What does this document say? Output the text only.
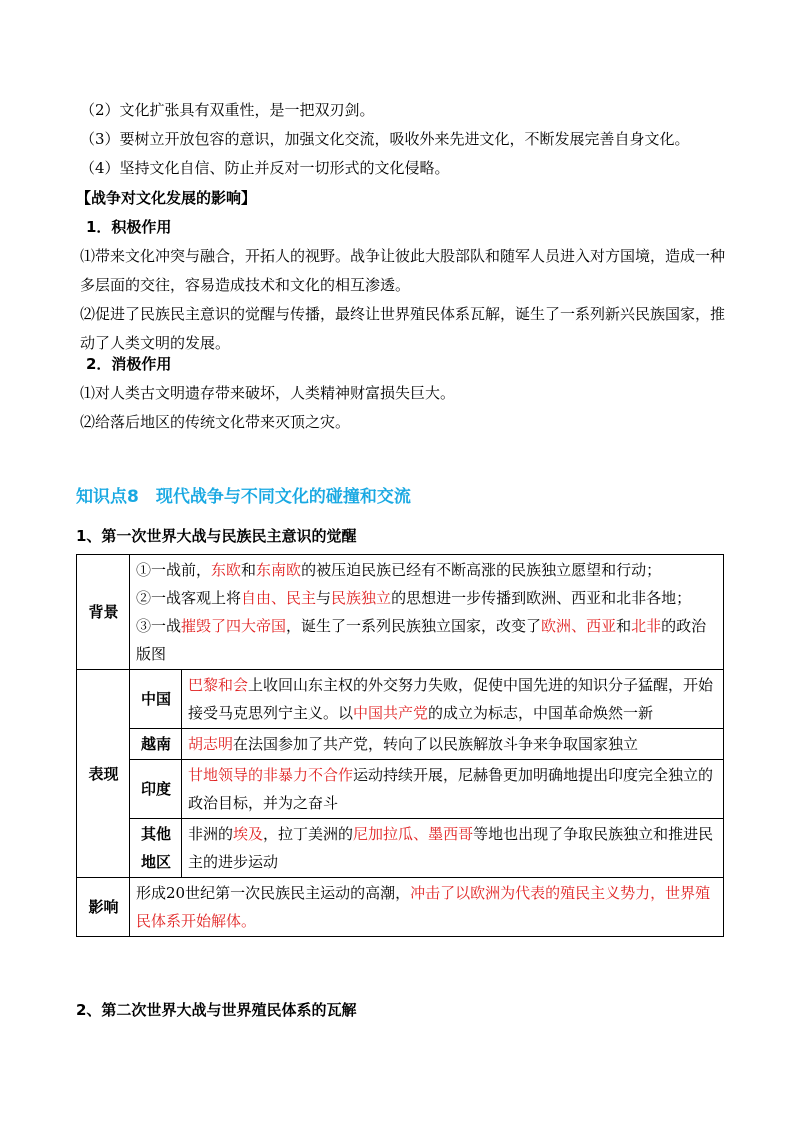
（2）文化扩张具有双重性，是一把双刃剑。
（3）要树立开放包容的意识，加强文化交流，吸收外来先进文化，不断发展完善自身文化。
（4）坚持文化自信、防止并反对一切形式的文化侵略。
【战争对文化发展的影响】
1．积极作用
⑴带来文化冲突与融合，开拓人的视野。战争让彼此大股部队和随军人员进入对方国境，造成一种多层面的交往，容易造成技术和文化的相互渗透。
⑵促进了民族民主意识的觉醒与传播，最终让世界殖民体系瓦解，诞生了一系列新兴民族国家，推动了人类文明的发展。
2．消极作用
⑴对人类古文明遗存带来破坏，人类精神财富损失巨大。
⑵给落后地区的传统文化带来灭顶之灾。
知识点8　现代战争与不同文化的碰撞和交流
1、第一次世界大战与民族民主意识的觉醒
背景	①一战前，东欧和东南欧的被压迫民族已经有不断高涨的民族独立愿望和行动；
②一战客观上将自由、民主与民族独立的思想进一步传播到欧洲、西亚和北非各地；
③一战摧毁了四大帝国，诞生了一系列民族独立国家，改变了欧洲、西亚和北非的政治版图	

表现	中国	巴黎和会上收回山东主权的外交努力失败，促使中国先进的知识分子猛醒，开始接受马克思列宁主义。以中国共产党的成立为标志，中国革命焕然一新
	越南	胡志明在法国参加了共产党，转向了以民族解放斗争来争取国家独立
	印度	甘地领导的非暴力不合作运动持续开展，尼赫鲁更加明确地提出印度完全独立的政治目标，并为之奋斗
	其他地区	非洲的埃及，拉丁美洲的尼加拉瓜、墨西哥等地也出现了争取民族独立和推进民主的进步运动
影响	形成20世纪第一次民族民主运动的高潮，冲击了以欧洲为代表的殖民主义势力，世界殖民体系开始解体。	
2、第二次世界大战与世界殖民体系的瓦解
